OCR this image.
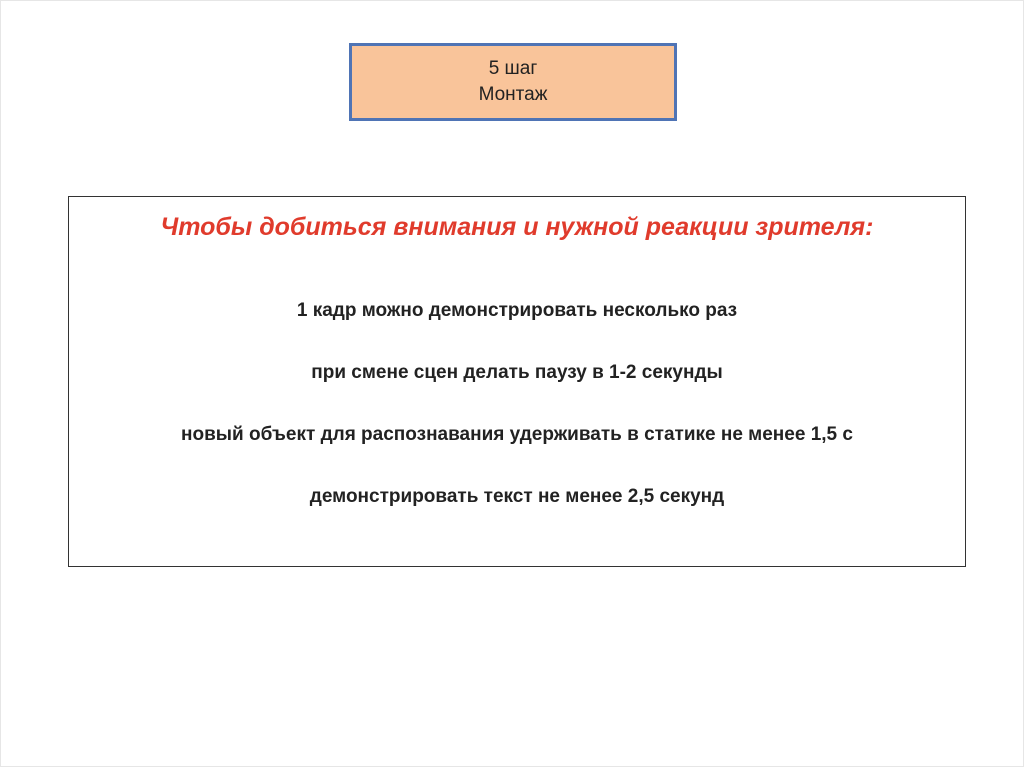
5 шаг
Монтаж
Чтобы добиться внимания и нужной реакции зрителя:
1 кадр можно демонстрировать несколько раз
при смене сцен делать паузу в 1-2 секунды
новый объект для распознавания удерживать в статике не менее 1,5 с
демонстрировать текст не менее 2,5 секунд
